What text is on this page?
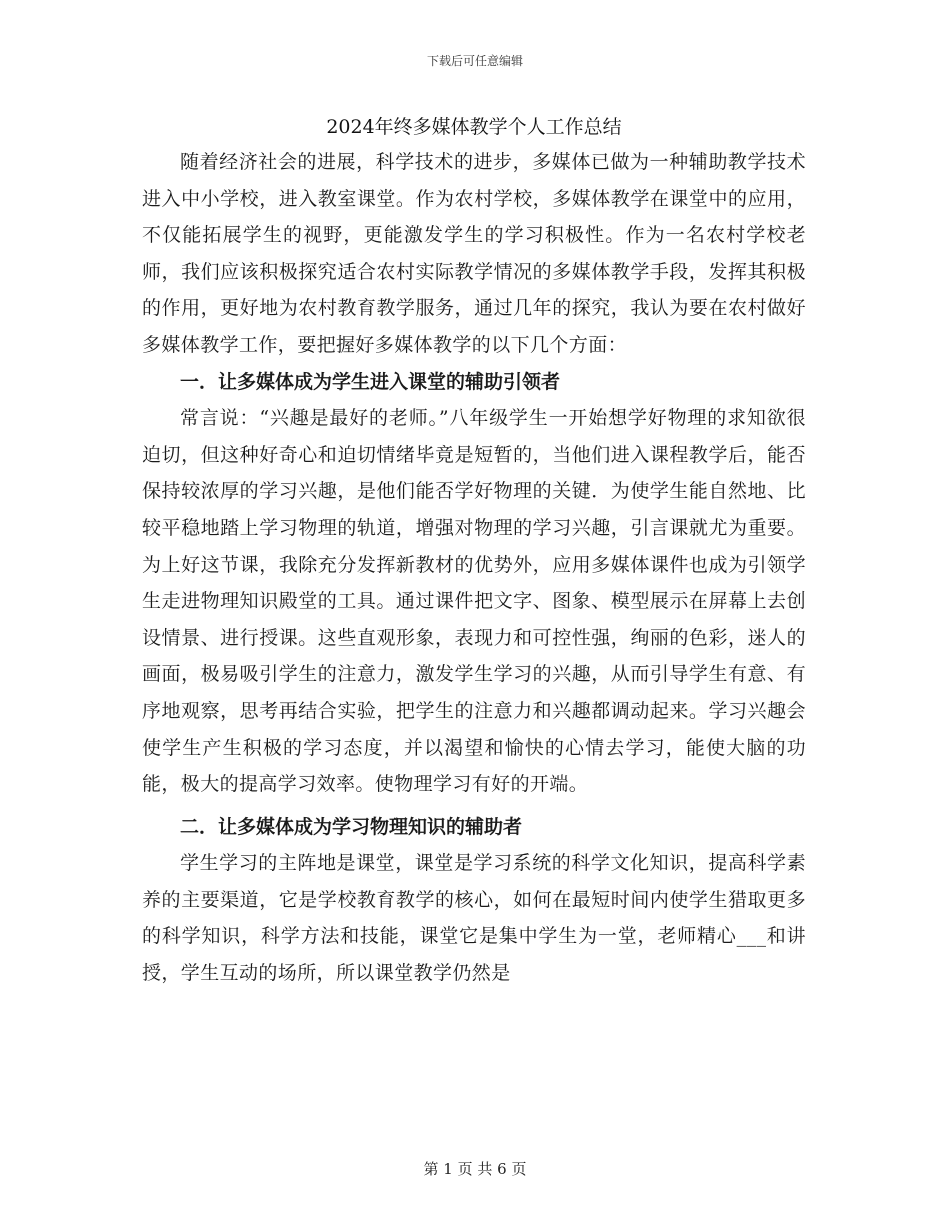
下载后可任意编辑
2024年终多媒体教学个人工作总结

随着经济社会的进展，科学技术的进步，多媒体已做为一种辅助教学技术进入中小学校，进入教室课堂。作为农村学校，多媒体教学在课堂中的应用，不仅能拓展学生的视野，更能激发学生的学习积极性。作为一名农村学校老师，我们应该积极探究适合农村实际教学情况的多媒体教学手段，发挥其积极的作用，更好地为农村教育教学服务，通过几年的探究，我认为要在农村做好多媒体教学工作，要把握好多媒体教学的以下几个方面：

一．让多媒体成为学生进入课堂的辅助引领者

常言说：“兴趣是最好的老师。”八年级学生一开始想学好物理的求知欲很迫切，但这种好奇心和迫切情绪毕竟是短暂的，当他们进入课程教学后，能否保持较浓厚的学习兴趣，是他们能否学好物理的关键．为使学生能自然地、比较平稳地踏上学习物理的轨道，增强对物理的学习兴趣，引言课就尤为重要。为上好这节课，我除充分发挥新教材的优势外，应用多媒体课件也成为引领学生走进物理知识殿堂的工具。通过课件把文字、图象、模型展示在屏幕上去创设情景、进行授课。这些直观形象，表现力和可控性强，绚丽的色彩，迷人的画面，极易吸引学生的注意力，激发学生学习的兴趣，从而引导学生有意、有序地观察，思考再结合实验，把学生的注意力和兴趣都调动起来。学习兴趣会使学生产生积极的学习态度，并以渴望和愉快的心情去学习，能使大脑的功能，极大的提高学习效率。使物理学习有好的开端。

二．让多媒体成为学习物理知识的辅助者

学生学习的主阵地是课堂，课堂是学习系统的科学文化知识，提高科学素养的主要渠道，它是学校教育教学的核心，如何在最短时间内使学生猎取更多的科学知识，科学方法和技能，课堂它是集中学生为一堂，老师精心___和讲授，学生互动的场所，所以课堂教学仍然是

第 1 页 共 6 页
